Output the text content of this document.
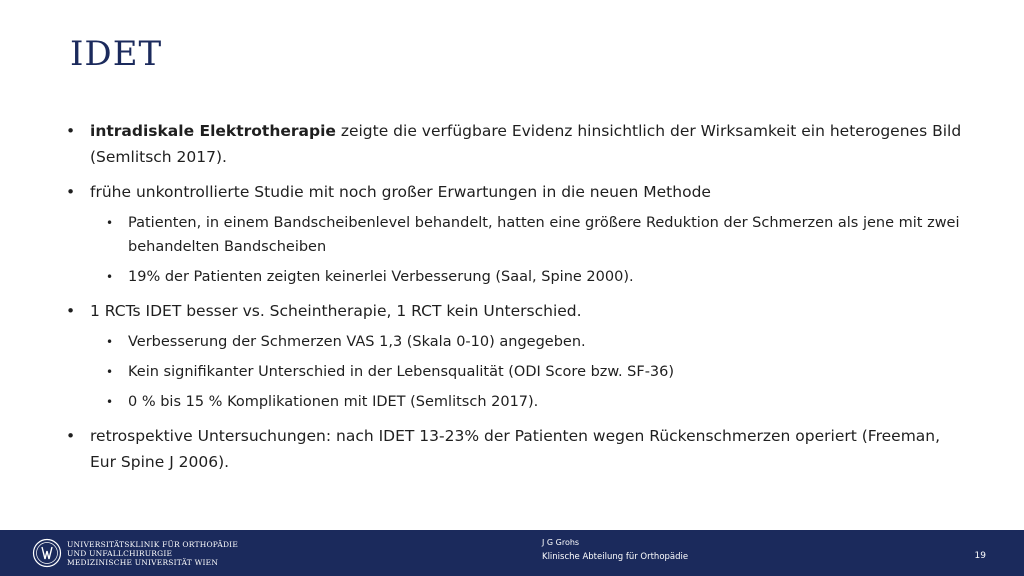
IDET
• intradiskale Elektrotherapie zeigte die verfügbare Evidenz hinsichtlich der Wirksamkeit ein heterogenes Bild (Semlitsch 2017).
• frühe unkontrollierte Studie mit noch großer Erwartungen in die neuen Methode
• Patienten, in einem Bandscheibenlevel behandelt, hatten eine größere Reduktion der Schmerzen als jene mit zwei behandelten Bandscheiben
• 19% der Patienten zeigten keinerlei Verbesserung (Saal, Spine 2000).
• 1 RCTs IDET besser vs. Scheintherapie, 1 RCT kein Unterschied.
• Verbesserung der Schmerzen VAS 1,3 (Skala 0-10) angegeben.
• Kein signifikanter Unterschied in der Lebensqualität (ODI Score bzw. SF-36)
• 0 % bis 15 % Komplikationen mit IDET (Semlitsch 2017).
• retrospektive Untersuchungen: nach IDET 13-23% der Patienten wegen Rückenschmerzen operiert (Freeman, Eur Spine J 2006).
UNIVERSITÄTSKLINIK FÜR ORTHOPÄDIE
UND UNFALLCHIRURGIE
MEDIZINISCHE UNIVERSITÄT WIEN
J G Grohs
Klinische Abteilung für Orthopädie	19
